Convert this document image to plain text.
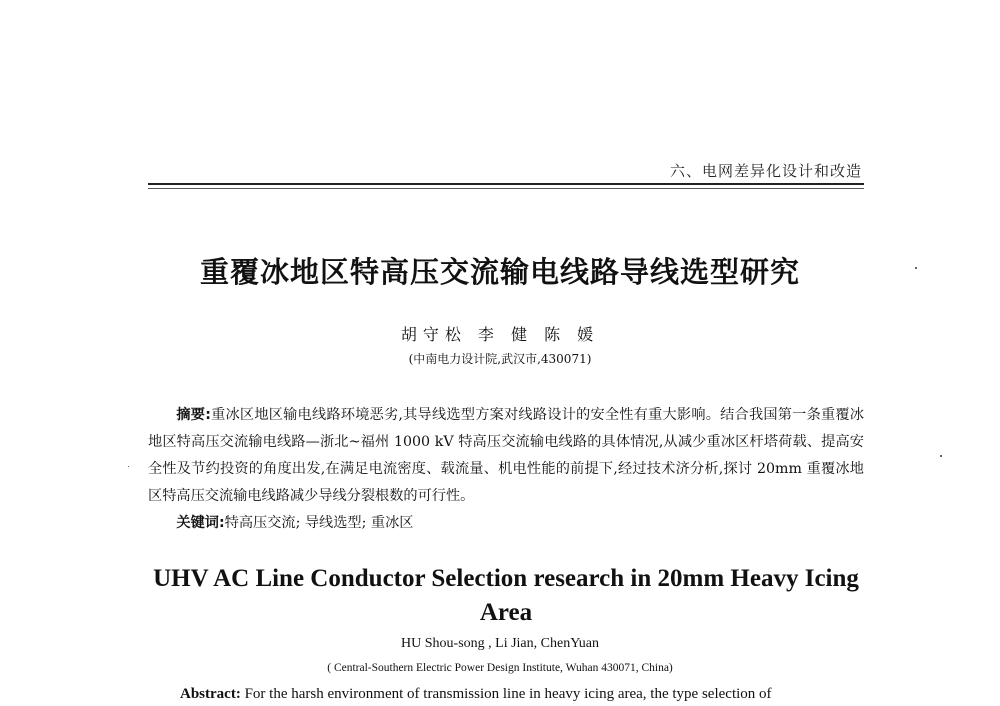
六、电网差异化设计和改造
重覆冰地区特高压交流输电线路导线选型研究
胡守松 李 健 陈 媛
(中南电力设计院,武汉市,430071)
摘要:重冰区地区输电线路环境恶劣,其导线选型方案对线路设计的安全性有重大影响。结合我国第一条重覆冰地区特高压交流输电线路—浙北~福州 1000 kV 特高压交流输电线路的具体情况,从减少重冰区杆塔荷载、提高安全性及节约投资的角度出发,在满足电流密度、载流量、机电性能的前提下,经过技术济分析,探讨 20mm 重覆冰地区特高压交流输电线路减少导线分裂根数的可行性。
关键词:特高压交流; 导线选型; 重冰区
UHV AC Line Conductor Selection research in 20mm Heavy Icing Area
HU Shou-song , Li Jian, ChenYuan
( Central-Southern Electric Power Design Institute, Wuhan 430071, China)
Abstract: For the harsh environment of transmission line in heavy icing area, the type selection of
